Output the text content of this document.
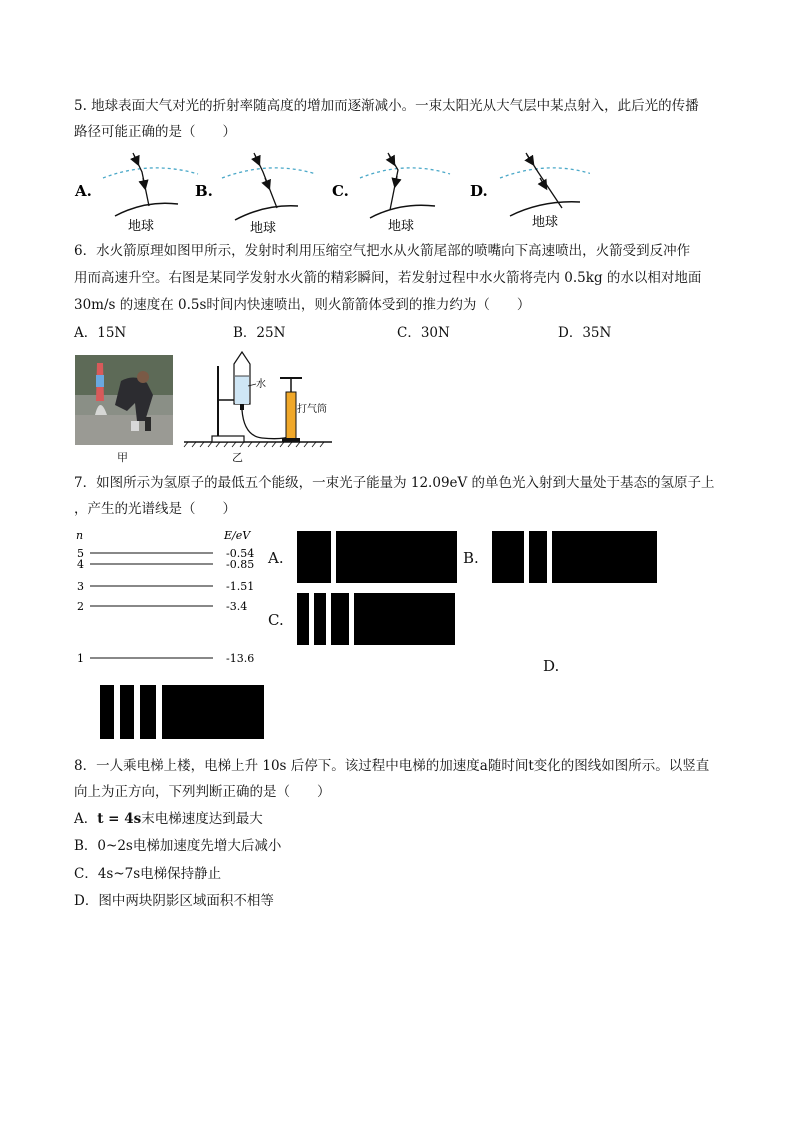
5. 地球表面大气对光的折射率随高度的增加而逐渐减小。一束太阳光从大气层中某点射入，此后光的传播
路径可能正确的是（　　）
A.
地球
B.
地球
C.
地球
D.
地球
6．水火箭原理如图甲所示，发射时利用压缩空气把水从火箭尾部的喷嘴向下高速喷出，火箭受到反冲作
用而高速升空。右图是某同学发射水火箭的精彩瞬间，若发射过程中水火箭将壳内 0.5kg 的水以相对地面
30m/s 的速度在 0.5s时间内快速喷出，则火箭箭体受到的推力约为（　　）
A．15N	B．25N	C．30N	D．35N
甲
水
打气筒
乙
7．如图所示为氢原子的最低五个能级，一束光子能量为 12.09eV 的单色光入射到大量处于基态的氢原子上
，产生的光谱线是（　　）
n	E/eV
5	-0.54
4	-0.85
3	-1.51
2	-3.4
1	-13.6
A.	B.
C.
D.
8．一人乘电梯上楼，电梯上升 10s 后停下。该过程中电梯的加速度a随时间t变化的图线如图所示。以竖直
向上为正方向，下列判断正确的是（　　）
A．t = 4s末电梯速度达到最大
B．0~2s电梯加速度先增大后减小
C．4s~7s电梯保持静止
D．图中两块阴影区域面积不相等
